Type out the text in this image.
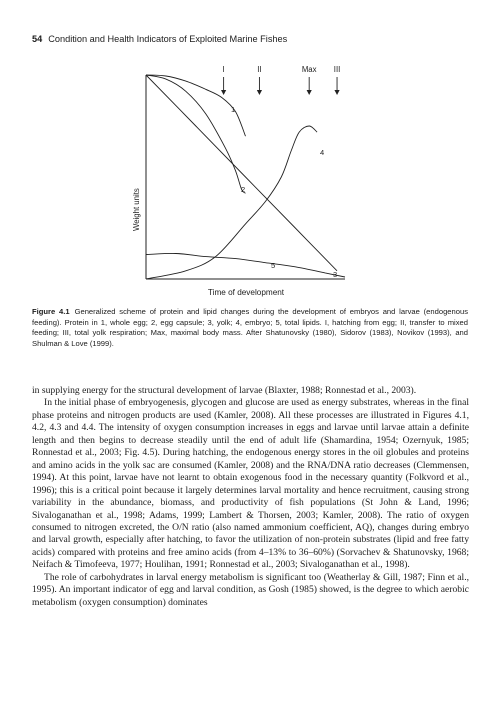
54 Condition and Health Indicators of Exploited Marine Fishes
I	II	Max III
1
2
3
4
5
Weight units
Time of development
Figure 4.1 Generalized scheme of protein and lipid changes during the development of embryos and larvae (endogenous feeding). Protein in 1, whole egg; 2, egg capsule; 3, yolk; 4, embryo; 5, total lipids. I, hatching from egg; II, transfer to mixed feeding; III, total yolk respiration; Max, maximal body mass. After Shatunovsky (1980), Sidorov (1983), Novikov (1993), and Shulman & Love (1999).

in supplying energy for the structural development of larvae (Blaxter, 1988; Ronnestad et al., 2003).

In the initial phase of embryogenesis, glycogen and glucose are used as energy substrates, whereas in the final phase proteins and nitrogen products are used (Kamler, 2008). All these processes are illustrated in Figures 4.1, 4.2, 4.3 and 4.4. The intensity of oxygen consumption increases in eggs and larvae until larvae attain a definite length and then begins to decrease steadily until the end of adult life (Shamardina, 1954; Ozernyuk, 1985; Ronnestad et al., 2003; Fig. 4.5). During hatching, the endogenous energy stores in the oil globules and proteins and amino acids in the yolk sac are consumed (Kamler, 2008) and the RNA/DNA ratio decreases (Clemmensen, 1994). At this point, larvae have not learnt to obtain exogenous food in the necessary quantity (Folkvord et al., 1996); this is a critical point because it largely determines larval mortality and hence recruitment, causing strong variability in the abundance, biomass, and productivity of fish populations (St John & Land, 1996; Sivaloganathan et al., 1998; Adams, 1999; Lambert & Thorsen, 2003; Kamler, 2008). The ratio of oxygen consumed to nitrogen excreted, the O/N ratio (also named ammonium coefficient, AQ), changes during embryo and larval growth, especially after hatching, to favor the utilization of non-protein substrates (lipid and free fatty acids) compared with proteins and free amino acids (from 4–13% to 36–60%) (Sorvachev & Shatunovsky, 1968; Neifach & Timofeeva, 1977; Houlihan, 1991; Ronnestad et al., 2003; Sivaloganathan et al., 1998).

The role of carbohydrates in larval energy metabolism is significant too (Weatherlay & Gill, 1987; Finn et al., 1995). An important indicator of egg and larval condition, as Gosh (1985) showed, is the degree to which aerobic metabolism (oxygen consumption) dominates
